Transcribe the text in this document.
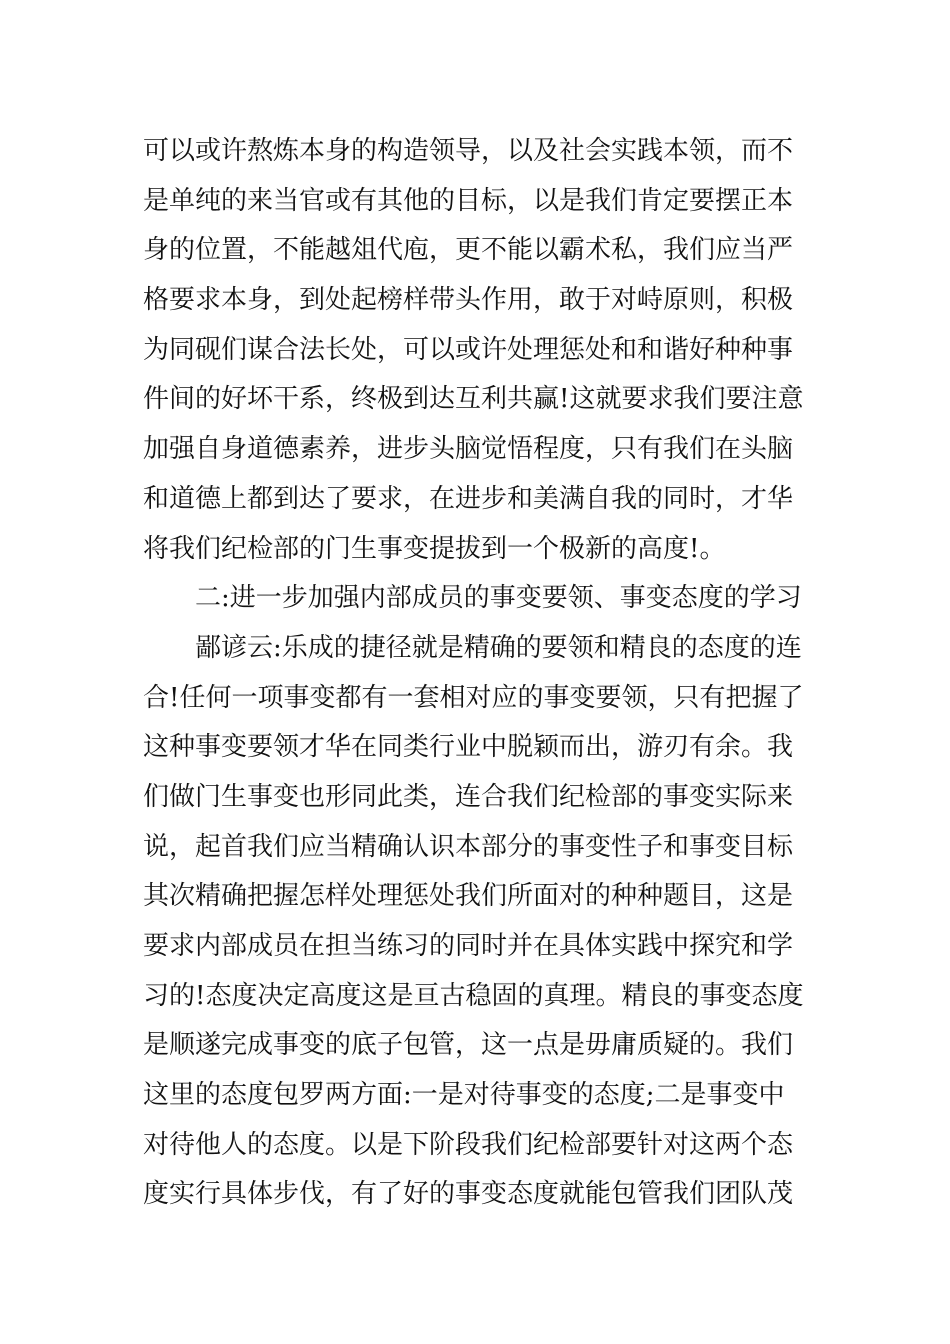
可以或许熬炼本身的构造领导，以及社会实践本领，而不
是单纯的来当官或有其他的目标，以是我们肯定要摆正本
身的位置，不能越俎代庖，更不能以霸术私，我们应当严
格要求本身，到处起榜样带头作用，敢于对峙原则，积极
为同砚们谋合法长处，可以或许处理惩处和和谐好种种事
件间的好坏干系，终极到达互利共赢!这就要求我们要注意
加强自身道德素养，进步头脑觉悟程度，只有我们在头脑
和道德上都到达了要求，在进步和美满自我的同时，才华
将我们纪检部的门生事变提拔到一个极新的高度!。
二:进一步加强内部成员的事变要领、事变态度的学习
鄙谚云:乐成的捷径就是精确的要领和精良的态度的连
合!任何一项事变都有一套相对应的事变要领，只有把握了
这种事变要领才华在同类行业中脱颖而出，游刃有余。我
们做门生事变也形同此类，连合我们纪检部的事变实际来
说，起首我们应当精确认识本部分的事变性子和事变目标
其次精确把握怎样处理惩处我们所面对的种种题目，这是
要求内部成员在担当练习的同时并在具体实践中探究和学
习的!态度决定高度这是亘古稳固的真理。精良的事变态度
是顺遂完成事变的底子包管，这一点是毋庸质疑的。我们
这里的态度包罗两方面:一是对待事变的态度;二是事变中
对待他人的态度。以是下阶段我们纪检部要针对这两个态
度实行具体步伐，有了好的事变态度就能包管我们团队茂
